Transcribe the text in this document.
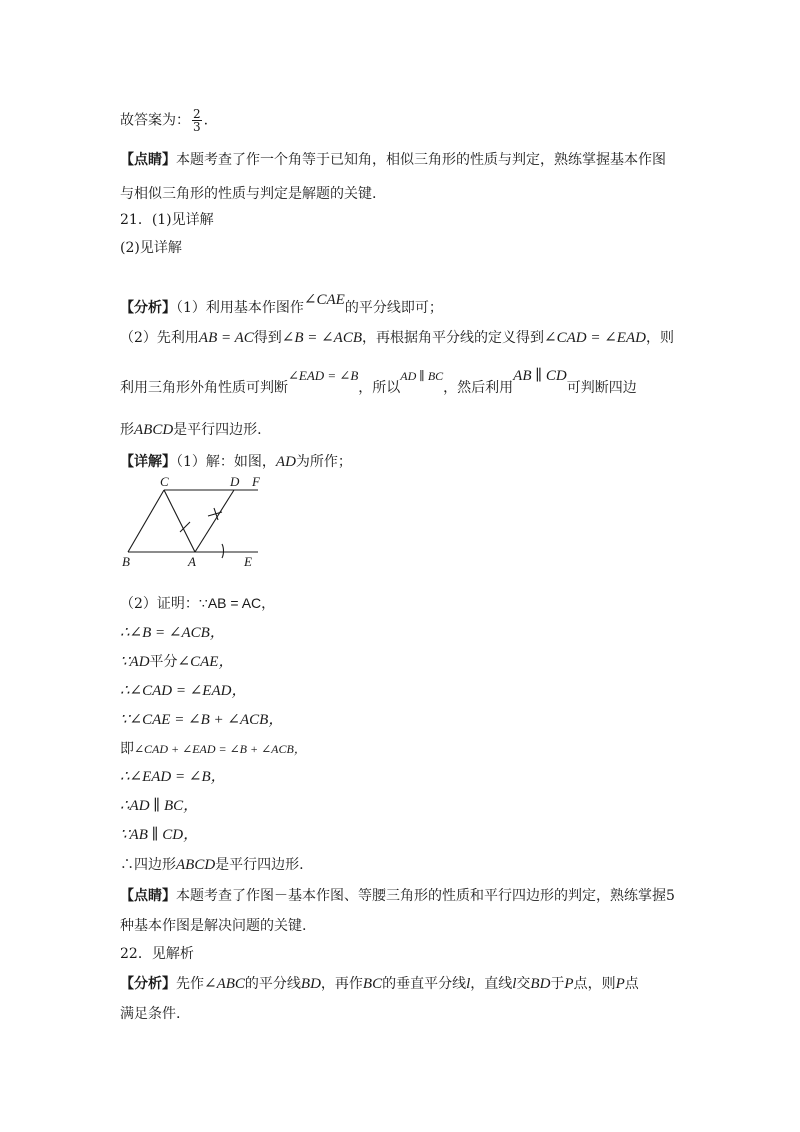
故答案为： $\frac{2}{3}$ .
【点睛】本题考查了作一个角等于已知角，相似三角形的性质与判定，熟练掌握基本作图
与相似三角形的性质与判定是解题的关键.
21．(1)见详解
(2)见详解
【分析】（1）利用基本作图作∠CAE的平分线即可；
（2）先利用AB = AC得到∠B = ∠ACB，再根据角平分线的定义得到∠CAD = ∠EAD，则
利用三角形外角性质可判断∠EAD = ∠B，所以AD ∥ BC，然后利用AB ∥ CD可判断四边
形ABCD是平行四边形.
【详解】（1）解：如图，AD为所作；
C	D F
B	A	E
（2）证明：∵AB = AC，
∴∠B = ∠ACB，
∵AD平分∠CAE，
∴∠CAD = ∠EAD，
∵∠CAE = ∠B + ∠ACB，
即∠CAD + ∠EAD = ∠B + ∠ACB，
∴∠EAD = ∠B，
∴AD ∥ BC，
∵AB ∥ CD，
∴四边形ABCD是平行四边形.
【点睛】本题考查了作图－基本作图、等腰三角形的性质和平行四边形的判定，熟练掌握5
种基本作图是解决问题的关键.
22．见解析
【分析】先作∠ABC的平分线BD，再作BC的垂直平分线l，直线l交BD于P点，则P点
满足条件.
